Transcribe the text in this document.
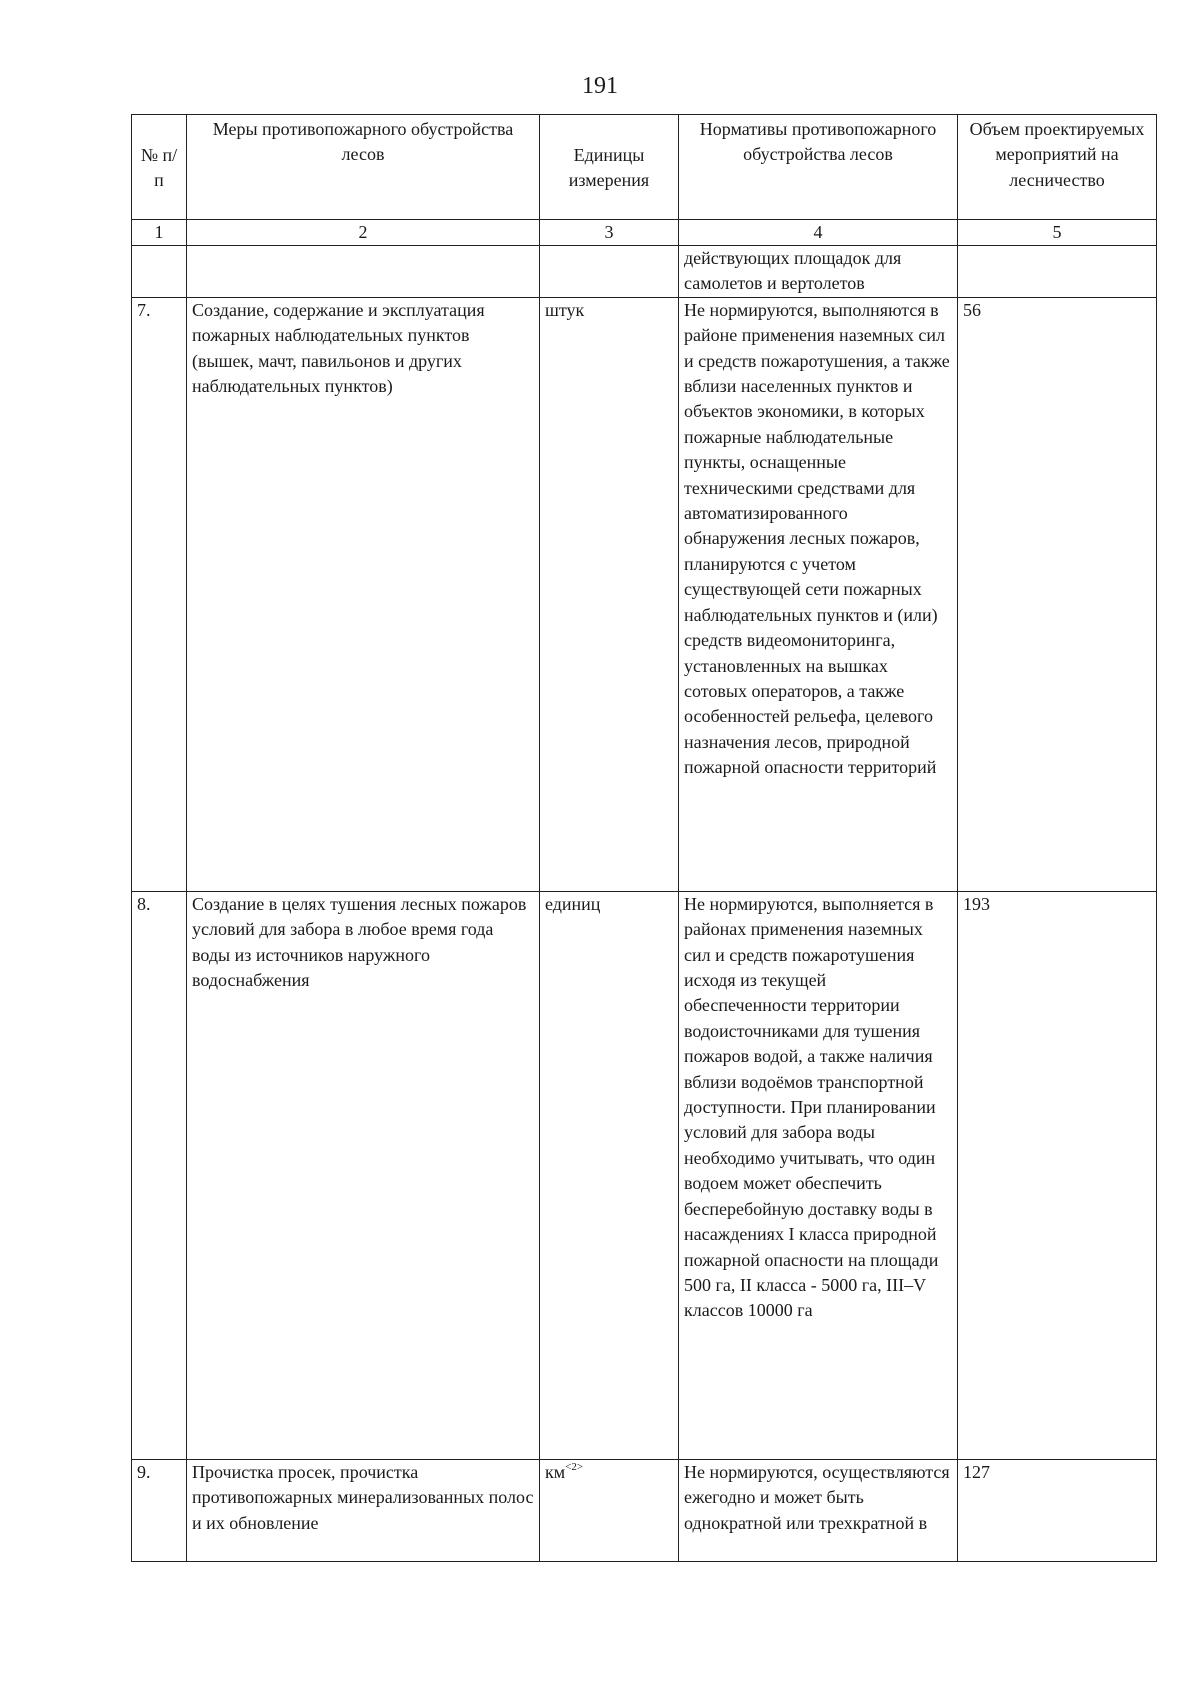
191
№ п/п	Меры противопожарного обустройства лесов	Единицы измерения	Нормативы противопожарного обустройства лесов	Объем проектируемых мероприятий на лесничество
1	2	3	4	5
			действующих площадок для самолетов и вертолетов	
7.	Создание, содержание и эксплуатация пожарных наблюдательных пунктов (вышек, мачт, павильонов и других наблюдательных пунктов)	штук	Не нормируются, выполняются в районе применения наземных сил и средств пожаротушения, а также вблизи населенных пунктов и объектов экономики, в которых пожарные наблюдательные пункты, оснащенные техническими средствами для автоматизированного обнаружения лесных пожаров, планируются с учетом существующей сети пожарных наблюдательных пунктов и (или) средств видеомониторинга, установленных на вышках сотовых операторов, а также особенностей рельефа, целевого назначения лесов, природной пожарной опасности территорий	56
8.	Создание в целях тушения лесных пожаров условий для забора в любое время года воды из источников наружного водоснабжения	единиц	Не нормируются, выполняется в районах применения наземных сил и средств пожаротушения исходя из текущей обеспеченности территории водоисточниками для тушения пожаров водой, а также наличия вблизи водоёмов транспортной доступности. При планировании условий для забора воды необходимо учитывать, что один водоем может обеспечить бесперебойную доставку воды в насаждениях I класса природной пожарной опасности на площади 500 га, II класса - 5000 га, III–V классов 10000 га	193
9.	Прочистка просек, прочистка противопожарных минерализованных полос и их обновление	км$^{<2>}$	Не нормируются, осуществляются ежегодно и может быть однократной или трехкратной в	127
